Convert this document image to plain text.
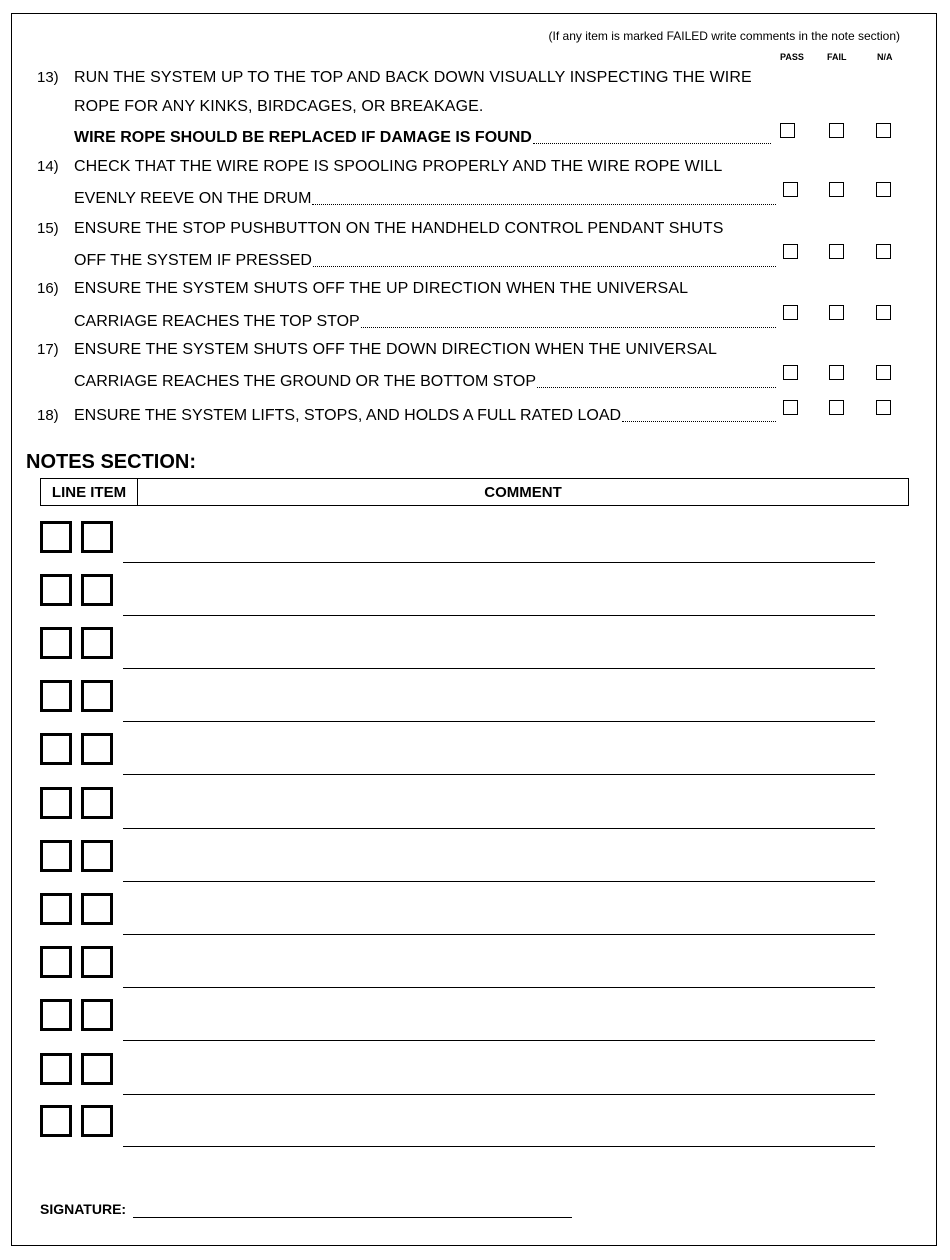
(If any item is marked FAILED write comments in the note section)
PASS	FAIL	N/A
13) RUN THE SYSTEM UP TO THE TOP AND BACK DOWN VISUALLY INSPECTING THE WIRE
ROPE FOR ANY KINKS, BIRDCAGES, OR BREAKAGE.
WIRE ROPE SHOULD BE REPLACED IF DAMAGE IS FOUND
14) CHECK THAT THE WIRE ROPE IS SPOOLING PROPERLY AND THE WIRE ROPE WILL
EVENLY REEVE ON THE DRUM
15) ENSURE THE STOP PUSHBUTTON ON THE HANDHELD CONTROL PENDANT SHUTS
OFF THE SYSTEM IF PRESSED
16) ENSURE THE SYSTEM SHUTS OFF THE UP DIRECTION WHEN THE UNIVERSAL
CARRIAGE REACHES THE TOP STOP
17) ENSURE THE SYSTEM SHUTS OFF THE DOWN DIRECTION WHEN THE UNIVERSAL
CARRIAGE REACHES THE GROUND OR THE BOTTOM STOP
18) ENSURE THE SYSTEM LIFTS, STOPS, AND HOLDS A FULL RATED LOAD
NOTES SECTION:
LINE ITEM	COMMENT
SIGNATURE:
